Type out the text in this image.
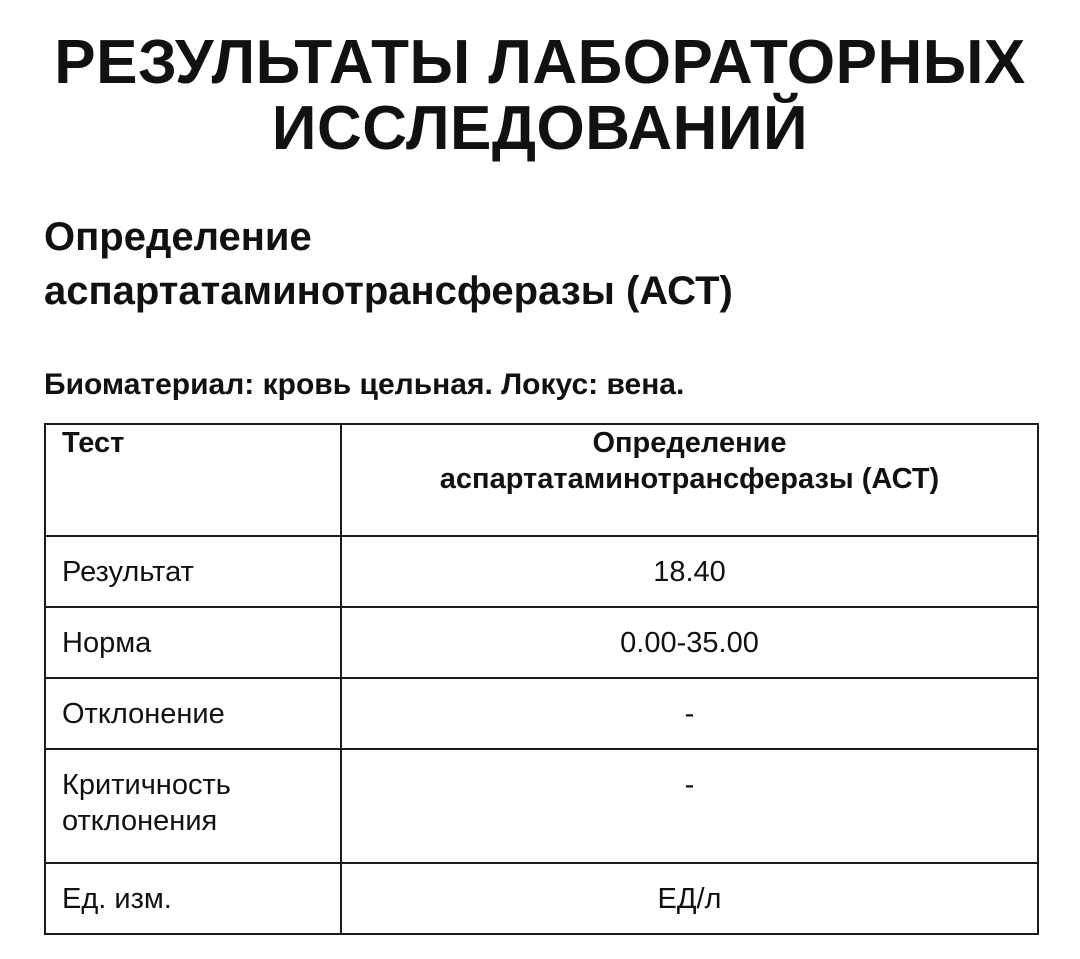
РЕЗУЛЬТАТЫ ЛАБОРАТОРНЫХ
ИССЛЕДОВАНИЙ
Определение
аспартатаминотрансферазы (АСТ)

Биоматериал: кровь цельная. Локус: вена.

Тест	Определение
аспартатаминотрансферазы (АСТ)
Результат	18.40
Норма	0.00-35.00
Отклонение	-
Критичность
отклонения	-
Ед. изм.	ЕД/л
